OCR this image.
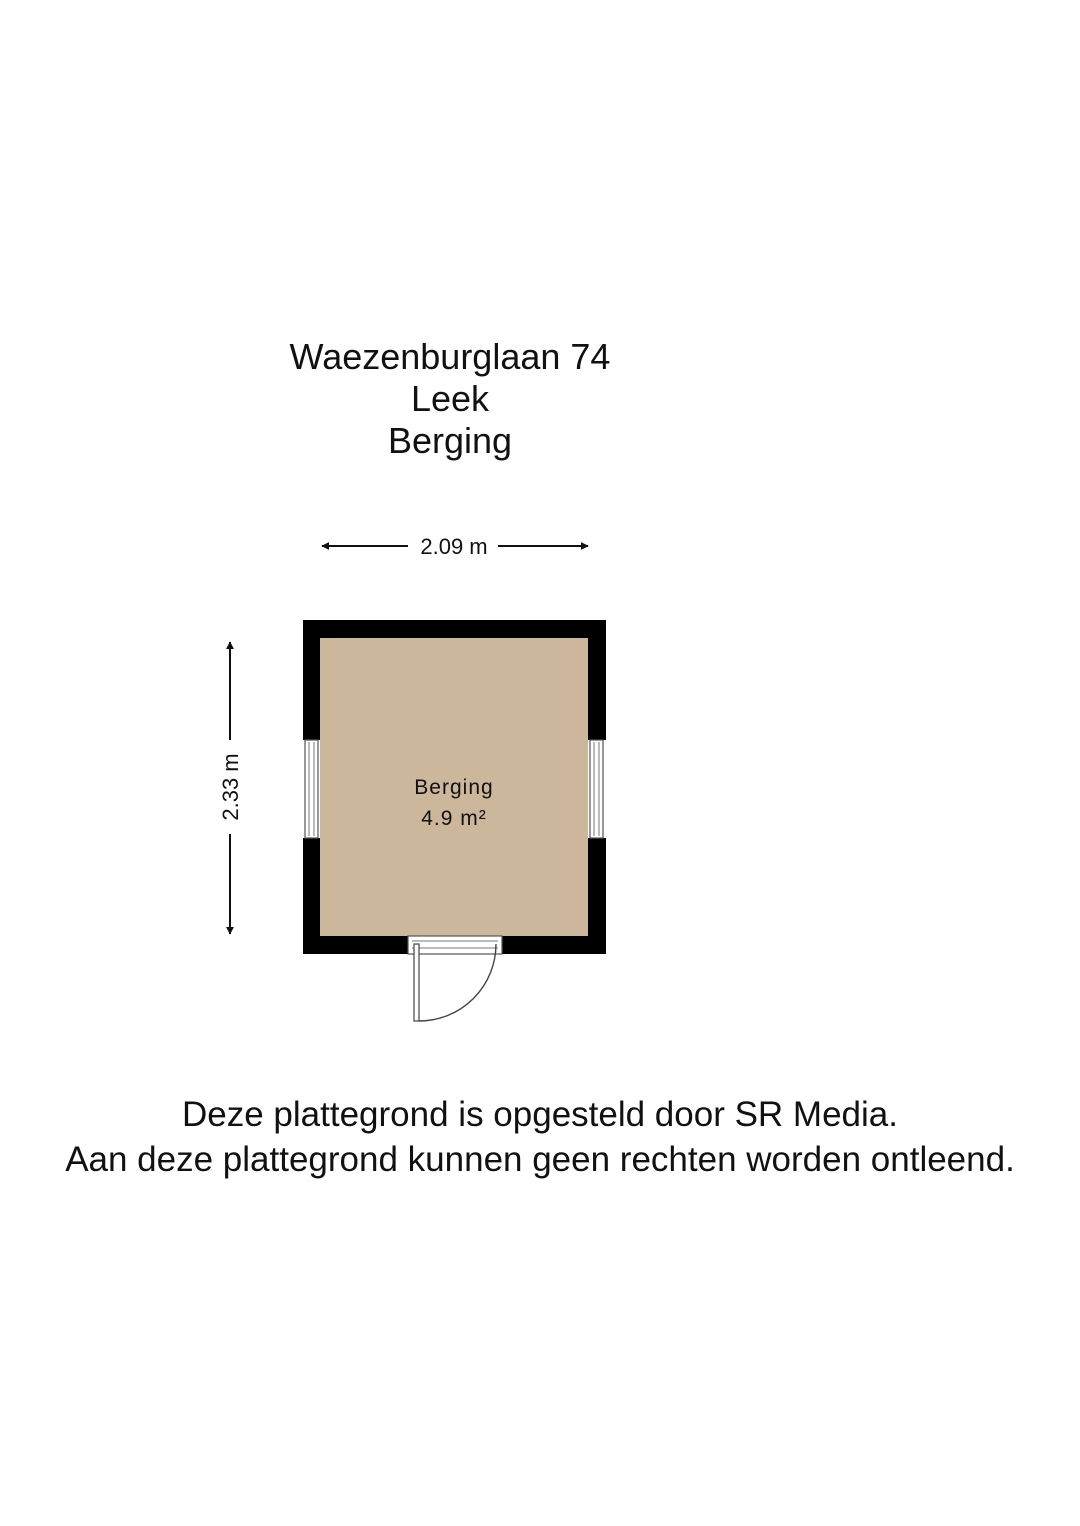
Waezenburglaan 74
Leek
Berging
2.09 m
2.33 m	Berging
4.9 m²
Deze plattegrond is opgesteld door SR Media.
Aan deze plattegrond kunnen geen rechten worden ontleend.
